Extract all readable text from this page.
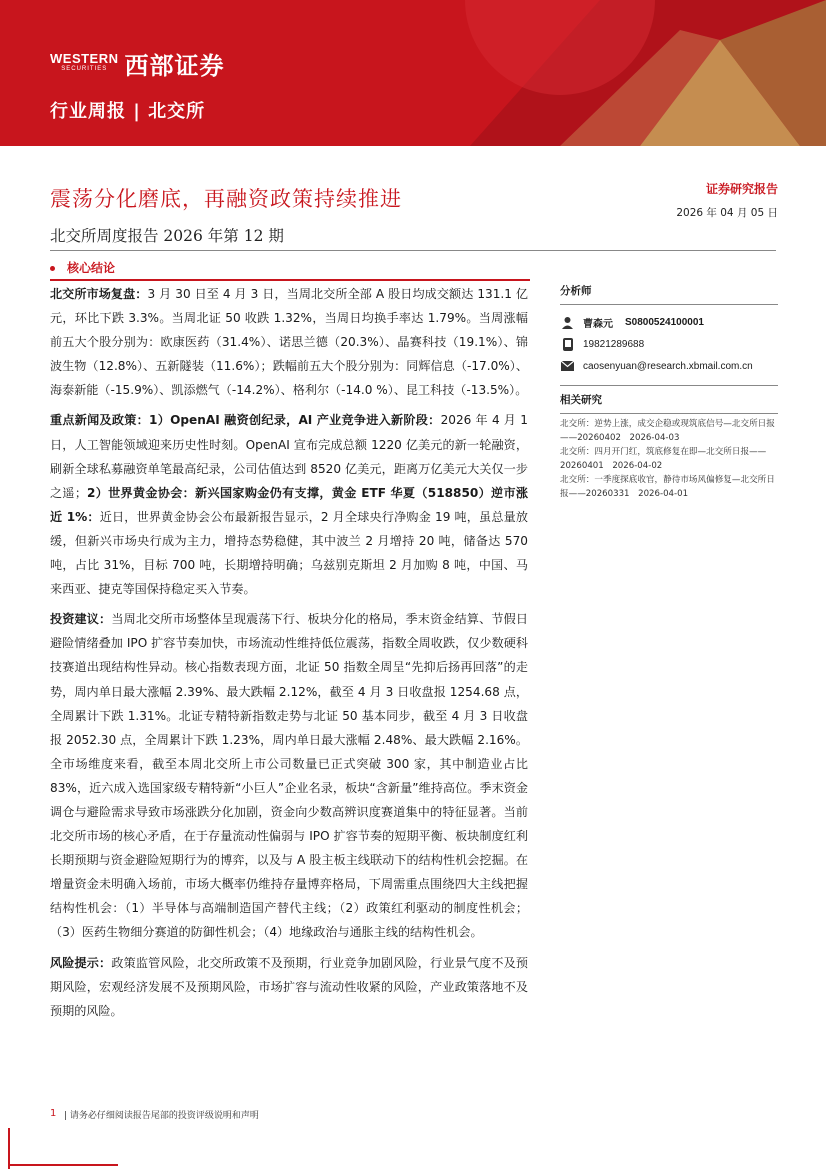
WESTERN
SECURITIES 西部证券
行业周报 | 北交所
震荡分化磨底，再融资政策持续推进
北交所周度报告 2026 年第 12 期
证券研究报告
2026 年 04 月 05 日
核心结论

北交所市场复盘：3 月 30 日至 4 月 3 日，当周北交所全部 A 股日均成交额达 131.1 亿元，环比下跌 3.3%。当周北证 50 收跌 1.32%，当周日均换手率达 1.79%。当周涨幅前五大个股分别为：欧康医药（31.4%）、诺思兰德（20.3%）、晶赛科技（19.1%）、锦波生物（12.8%）、五新隧装（11.6%）；跌幅前五大个股分别为：同辉信息（-17.0%）、海泰新能（-15.9%）、凯添燃气（-14.2%）、格利尔（-14.0 %）、昆工科技（-13.5%）。

重点新闻及政策：1）OpenAI 融资创纪录，AI 产业竞争进入新阶段：2026 年 4 月 1 日，人工智能领域迎来历史性时刻。OpenAI 宣布完成总额 1220 亿美元的新一轮融资，刷新全球私募融资单笔最高纪录，公司估值达到 8520 亿美元，距离万亿美元大关仅一步之遥；2）世界黄金协会：新兴国家购金仍有支撑，黄金 ETF 华夏（518850）逆市涨近 1%：近日，世界黄金协会公布最新报告显示，2 月全球央行净购金 19 吨，虽总量放缓，但新兴市场央行成为主力，增持态势稳健，其中波兰 2 月增持 20 吨，储备达 570 吨，占比 31%，目标 700 吨，长期增持明确；乌兹别克斯坦 2 月加购 8 吨，中国、马来西亚、捷克等国保持稳定买入节奏。

投资建议：当周北交所市场整体呈现震荡下行、板块分化的格局，季末资金结算、节假日避险情绪叠加 IPO 扩容节奏加快，市场流动性维持低位震荡，指数全周收跌，仅少数硬科技赛道出现结构性异动。核心指数表现方面，北证 50 指数全周呈“先抑后扬再回落”的走势，周内单日最大涨幅 2.39%、最大跌幅 2.12%，截至 4 月 3 日收盘报 1254.68 点，全周累计下跌 1.31%。北证专精特新指数走势与北证 50 基本同步，截至 4 月 3 日收盘报 2052.30 点，全周累计下跌 1.23%，周内单日最大涨幅 2.48%、最大跌幅 2.16%。全市场维度来看，截至本周北交所上市公司数量已正式突破 300 家，其中制造业占比 83%，近六成入选国家级专精特新“小巨人”企业名录，板块“含新量”维持高位。季末资金调仓与避险需求导致市场涨跌分化加剧，资金向少数高辨识度赛道集中的特征显著。当前北交所市场的核心矛盾，在于存量流动性偏弱与 IPO 扩容节奏的短期平衡、板块制度红利长期预期与资金避险短期行为的博弈，以及与 A 股主板主线联动下的结构性机会挖掘。在增量资金未明确入场前，市场大概率仍维持存量博弈格局，下周需重点围绕四大主线把握结构性机会：（1）半导体与高端制造国产替代主线；（2）政策红利驱动的制度性机会；（3）医药生物细分赛道的防御性机会；（4）地缘政治与通胀主线的结构性机会。

风险提示：政策监管风险，北交所政策不及预期，行业竞争加剧风险，行业景气度不及预期风险，宏观经济发展不及预期风险，市场扩容与流动性收紧的风险，产业政策落地不及预期的风险。

分析师
曹森元 S0800524100001
19821289688
caosenyuan@research.xbmail.com.cn
相关研究
北交所：逆势上涨，成交企稳或现筑底信号—北交所日报——20260402　2026-04-03
北交所：四月开门红，筑底修复在即—北交所日报——20260401　2026-04-02
北交所：一季度探底收官，静待市场风偏修复—北交所日报——20260331　2026-04-01
1 | 请务必仔细阅读报告尾部的投资评级说明和声明
